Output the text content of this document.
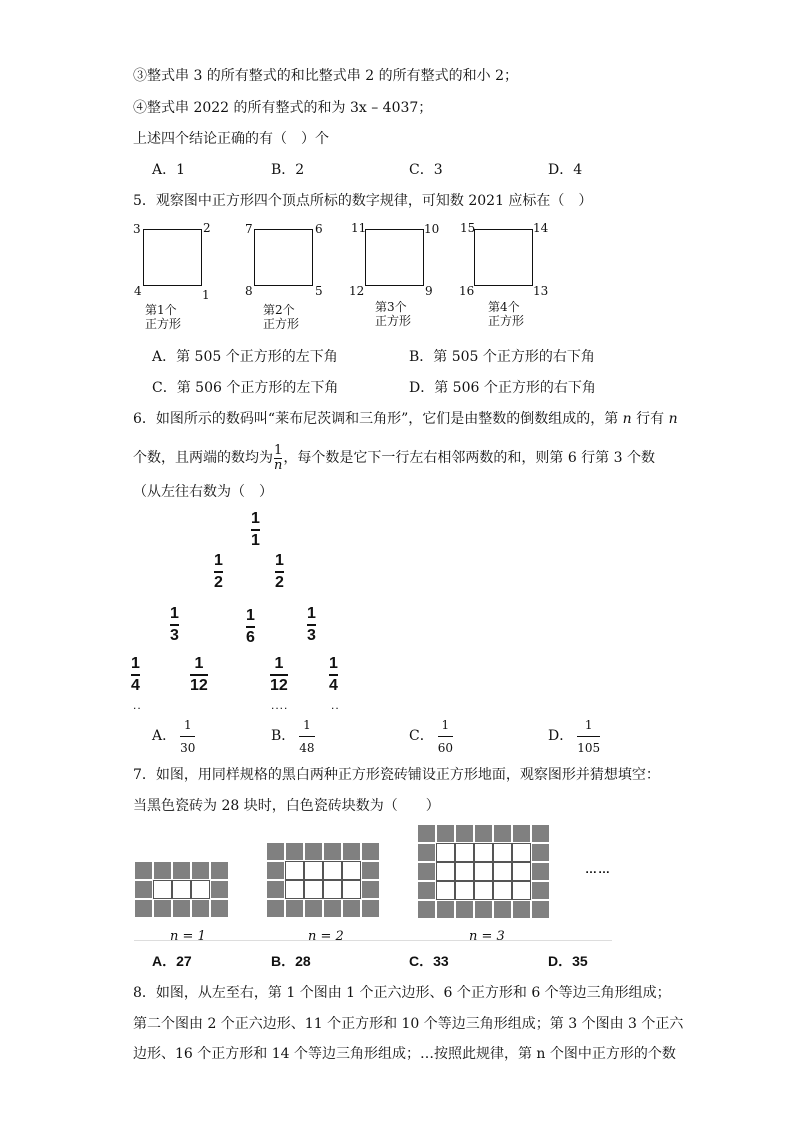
③整式串 3 的所有整式的和比整式串 2 的所有整式的和小 2；
④整式串 2022 的所有整式的和为 3x – 4037；
上述四个结论正确的有（　）个
A．1	B．2	C．3	D．4
5．观察图中正方形四个顶点所标的数字规律，可知数 2021 应标在（　）
3	2
4	1
第1个
正方形
7	6
8	5
第2个
正方形
11	10
12	9
第3个
正方形
15	14
16	13
第4个
正方形
A．第 505 个正方形的左下角	B．第 505 个正方形的右下角
C．第 506 个正方形的左下角	D．第 506 个正方形的右下角
6．如图所示的数码叫“莱布尼茨调和三角形”，它们是由整数的倒数组成的，第 n 行有 n
个数，且两端的数均为 1
n ，每个数是它下一行左右相邻两数的和，则第 6 行第 3 个数
（从左往右数为（　）
1
1
1
2
1
2
1
3
1
6
1
3
1
4
1
12
1
12
1
4
..	....	..
A．
1
30
B．
1
48
C．
1
60
D．
1
105
7．如图，用同样规格的黑白两种正方形瓷砖铺设正方形地面，观察图形并猜想填空：
当黑色瓷砖为 28 块时，白色瓷砖块数为（　　）
……
n = 1	n = 2	n = 3
A．27	B．28	C．33	D．35
8．如图，从左至右，第 1 个图由 1 个正六边形、6 个正方形和 6 个等边三角形组成；
第二个图由 2 个正六边形、11 个正方形和 10 个等边三角形组成；第 3 个图由 3 个正六
边形、16 个正方形和 14 个等边三角形组成；…按照此规律，第 n 个图中正方形的个数
